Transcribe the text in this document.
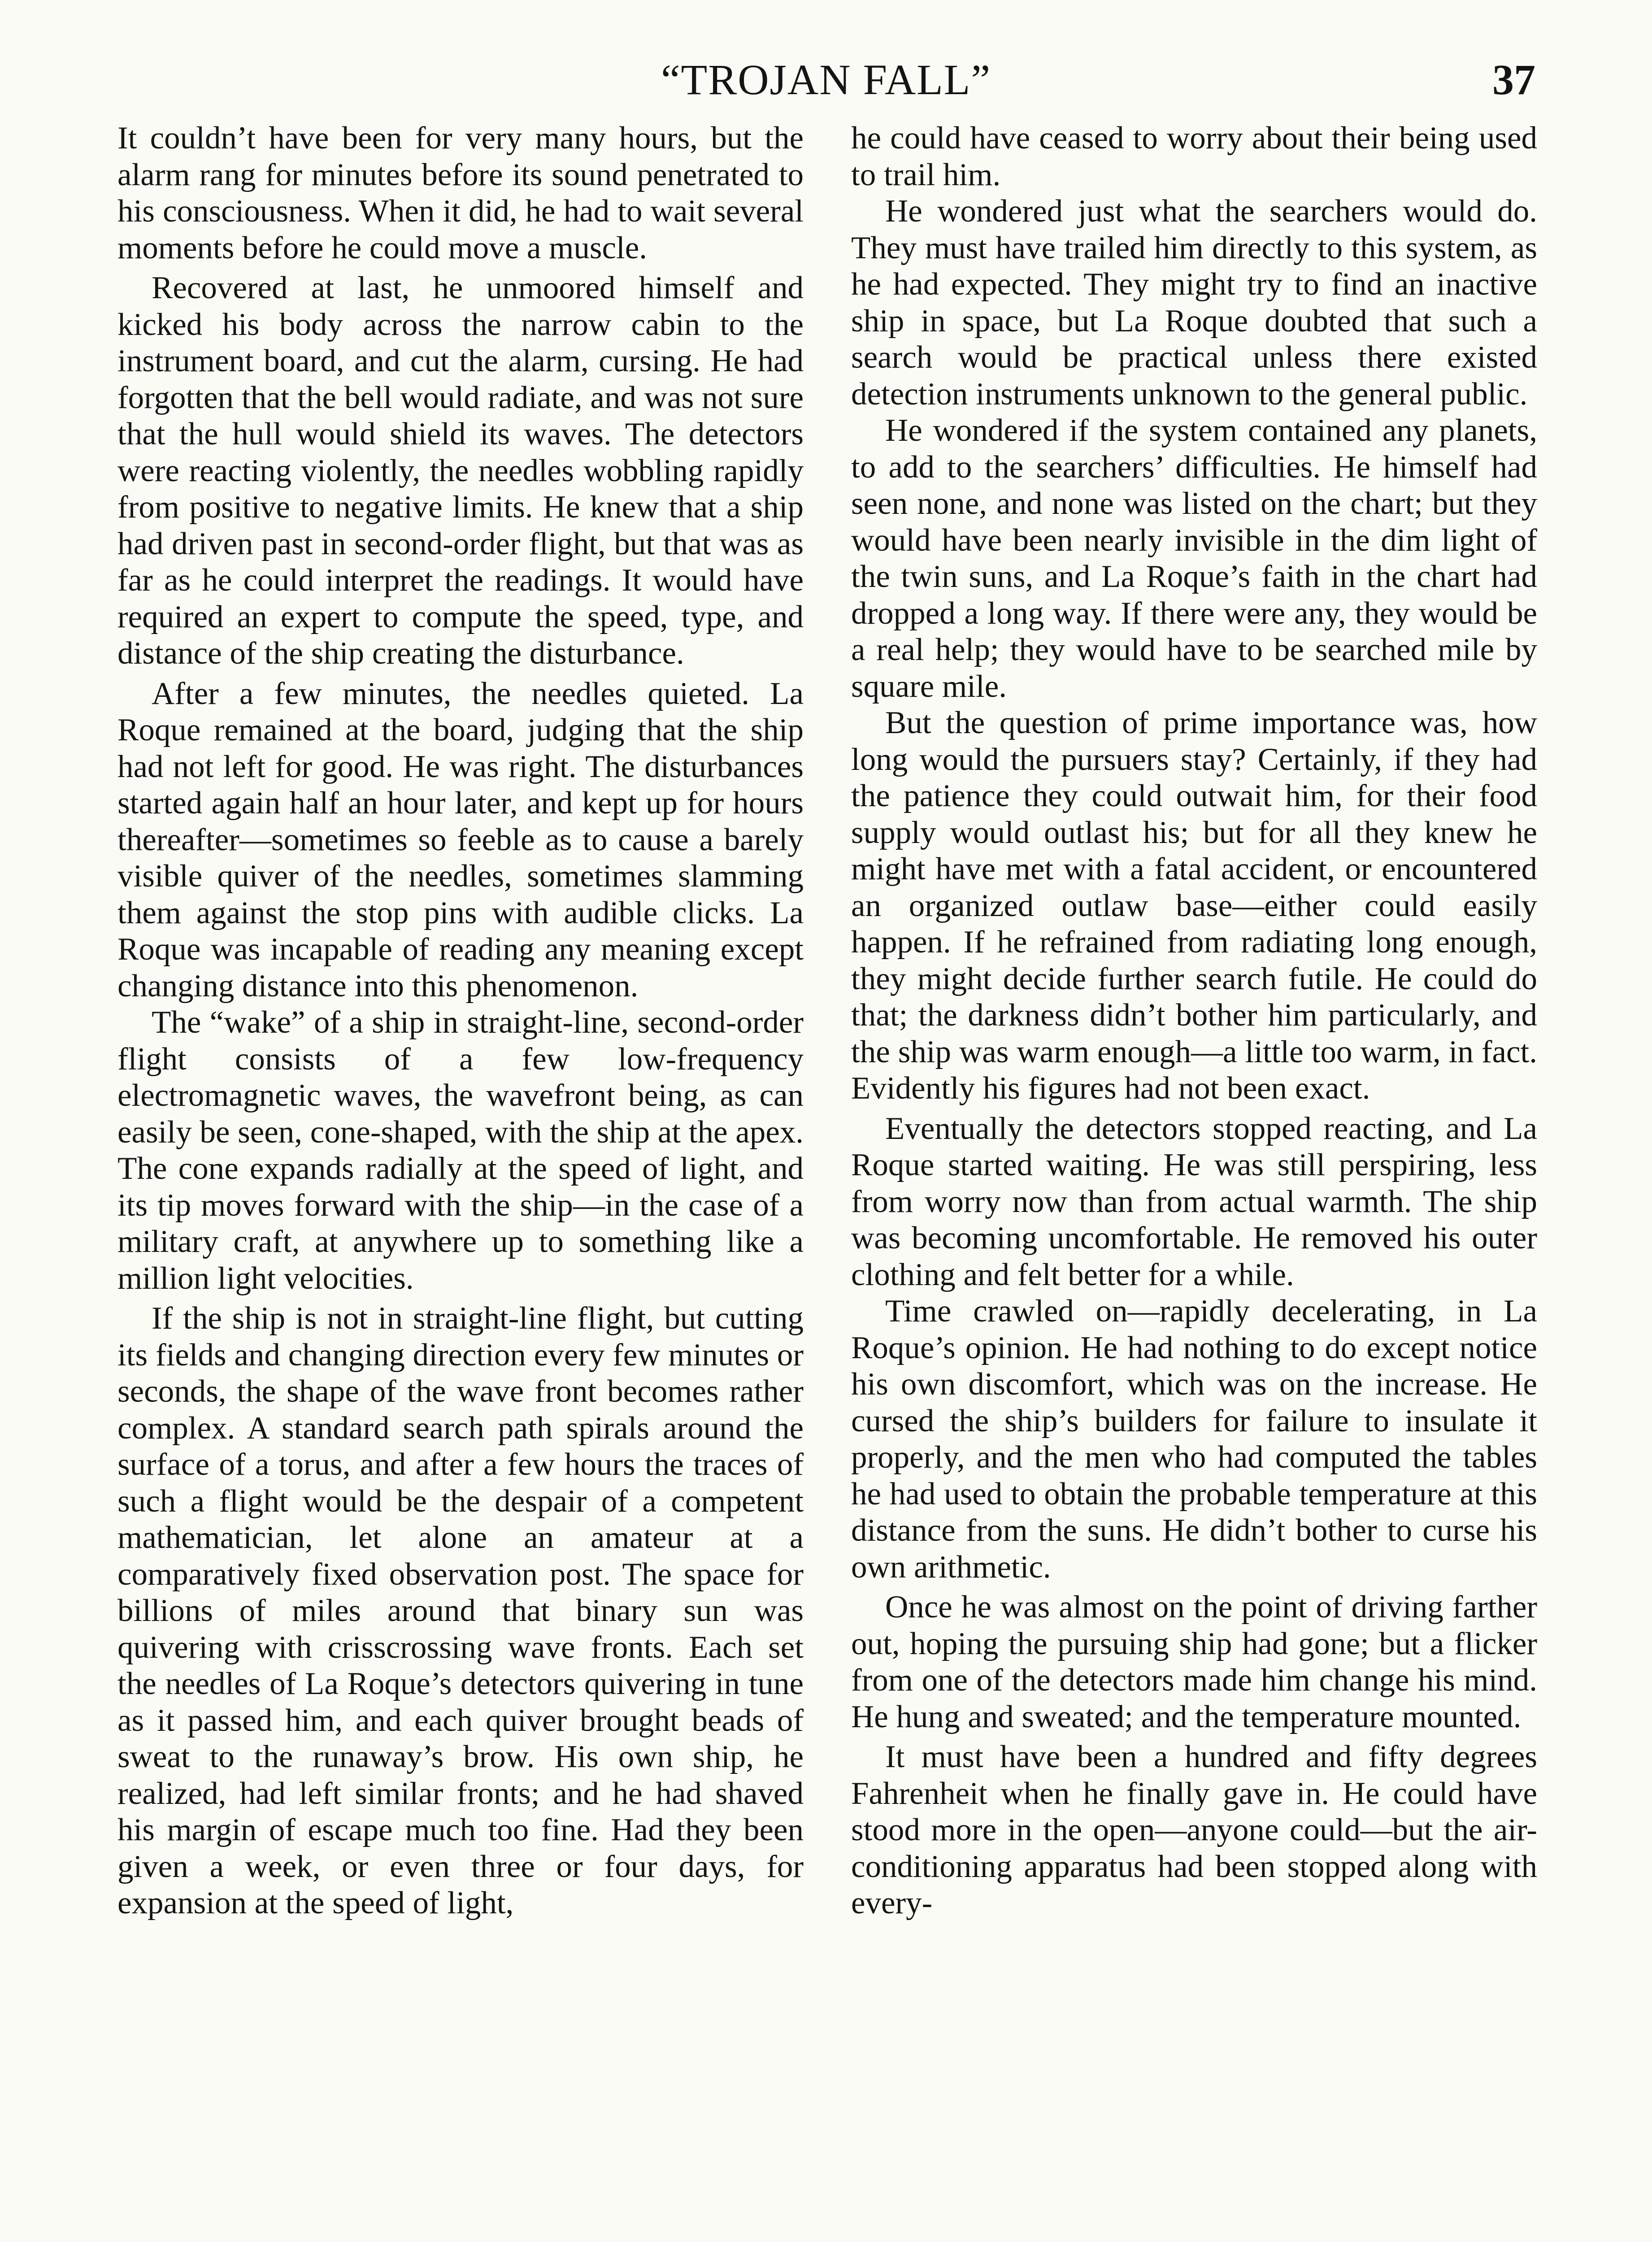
“TROJAN FALL”	37

It couldn’t have been for very many hours, but the alarm rang for minutes before its sound penetrated to his consciousness. When it did, he had to wait several moments before he could move a muscle.

Recovered at last, he unmoored himself and kicked his body across the narrow cabin to the instrument board, and cut the alarm, cursing. He had forgotten that the bell would radiate, and was not sure that the hull would shield its waves. The detectors were reacting violently, the needles wobbling rapidly from positive to negative limits. He knew that a ship had driven past in second-order flight, but that was as far as he could interpret the readings. It would have required an expert to compute the speed, type, and distance of the ship creating the disturbance.

After a few minutes, the needles quieted. La Roque remained at the board, judging that the ship had not left for good. He was right. The disturbances started again half an hour later, and kept up for hours thereafter—sometimes so feeble as to cause a barely visible quiver of the needles, sometimes slamming them against the stop pins with audible clicks. La Roque was incapable of reading any meaning except changing distance into this phenomenon.

The “wake” of a ship in straight-line, second-order flight consists of a few low-frequency electromagnetic waves, the wavefront being, as can easily be seen, cone-shaped, with the ship at the apex. The cone expands radially at the speed of light, and its tip moves forward with the ship—in the case of a military craft, at anywhere up to something like a million light velocities.

If the ship is not in straight-line flight, but cutting its fields and changing direction every few minutes or seconds, the shape of the wave front becomes rather complex. A standard search path spirals around the surface of a torus, and after a few hours the traces of such a flight would be the despair of a competent mathematician, let alone an amateur at a comparatively fixed observation post. The space for billions of miles around that binary sun was quivering with crisscrossing wave fronts. Each set the needles of La Roque’s detectors quivering in tune as it passed him, and each quiver brought beads of sweat to the runaway’s brow. His own ship, he realized, had left similar fronts; and he had shaved his margin of escape much too fine. Had they been given a week, or even three or four days, for expansion at the speed of light,

he could have ceased to worry about their being used to trail him.

He wondered just what the searchers would do. They must have trailed him directly to this system, as he had expected. They might try to find an inactive ship in space, but La Roque doubted that such a search would be practical unless there existed detection instruments unknown to the general public.

He wondered if the system contained any planets, to add to the searchers’ difficulties. He himself had seen none, and none was listed on the chart; but they would have been nearly invisible in the dim light of the twin suns, and La Roque’s faith in the chart had dropped a long way. If there were any, they would be a real help; they would have to be searched mile by square mile.

But the question of prime importance was, how long would the pursuers stay? Certainly, if they had the patience they could outwait him, for their food supply would outlast his; but for all they knew he might have met with a fatal accident, or encountered an organized outlaw base—either could easily happen. If he refrained from radiating long enough, they might decide further search futile. He could do that; the darkness didn’t bother him particularly, and the ship was warm enough—a little too warm, in fact. Evidently his figures had not been exact.

Eventually the detectors stopped reacting, and La Roque started waiting. He was still perspiring, less from worry now than from actual warmth. The ship was becoming uncomfortable. He removed his outer clothing and felt better for a while.

Time crawled on—rapidly decelerating, in La Roque’s opinion. He had nothing to do except notice his own discomfort, which was on the increase. He cursed the ship’s builders for failure to insulate it properly, and the men who had computed the tables he had used to obtain the probable temperature at this distance from the suns. He didn’t bother to curse his own arithmetic.

Once he was almost on the point of driving farther out, hoping the pursuing ship had gone; but a flicker from one of the detectors made him change his mind. He hung and sweated; and the temperature mounted.

It must have been a hundred and fifty degrees Fahrenheit when he finally gave in. He could have stood more in the open—anyone could—but the air-conditioning apparatus had been stopped along with every-
